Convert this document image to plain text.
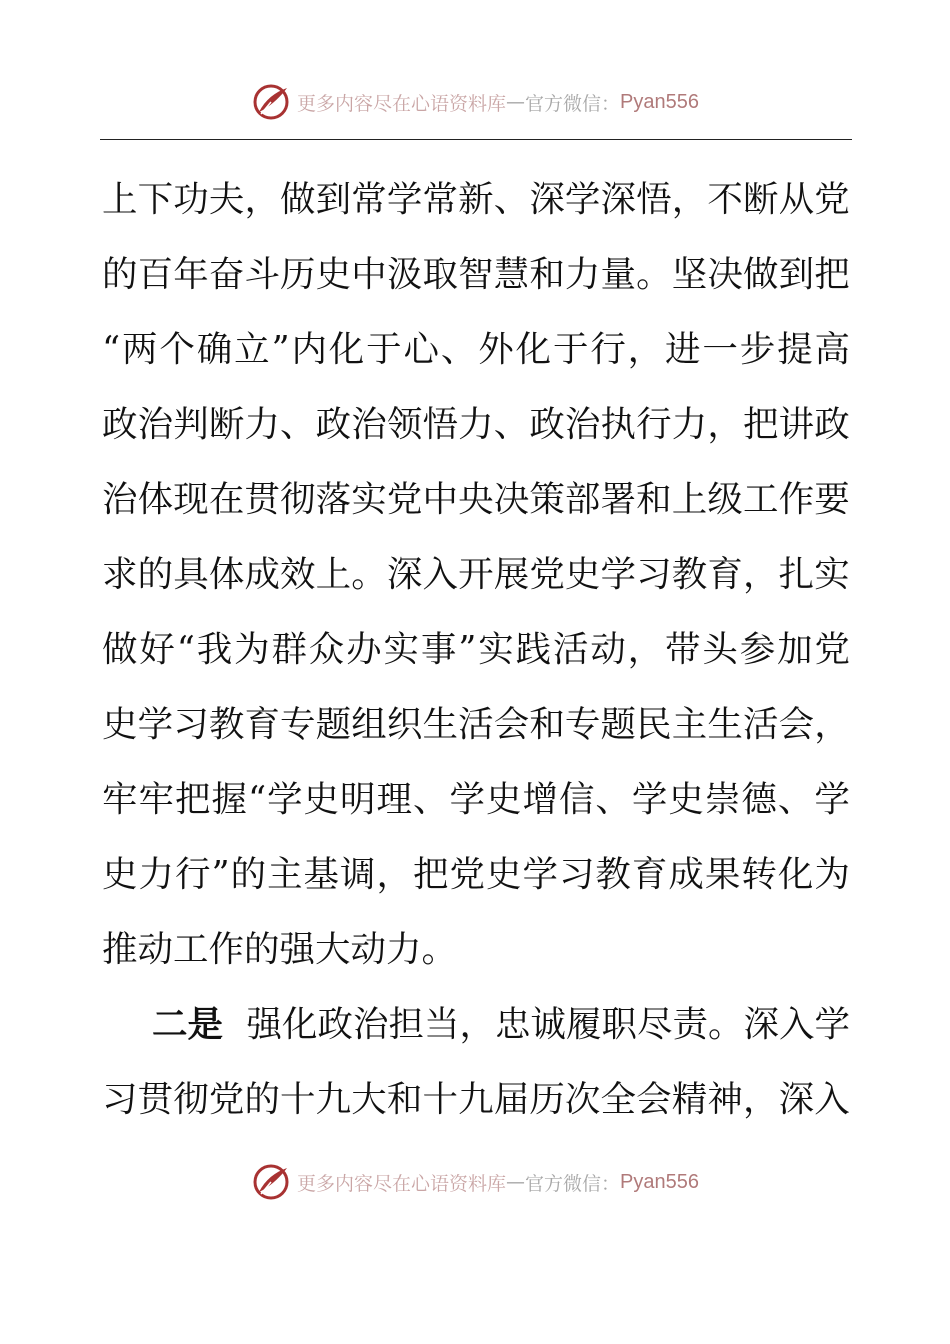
更多内容尽在心语资料库 — 官方微信： Pyan556
上 下 功 夫 ， 做 到 常 学 常 新 、 深 学 深 悟 ， 不 断 从 党
的 百 年 奋 斗 历 史 中 汲 取 智 慧 和 力 量 。 坚 决 做 到 把
“ 两 个 确 立 ” 内 化 于 心 、 外 化 于 行 ， 进 一 步 提 高
政 治 判 断 力 、 政 治 领 悟 力 、 政 治 执 行 力 ， 把 讲 政
治 体 现 在 贯 彻 落 实 党 中 央 决 策 部 署 和 上 级 工 作 要
求 的 具 体 成 效 上 。 深 入 开 展 党 史 学 习 教 育 ， 扎 实
做 好 “ 我 为 群 众 办 实 事 ” 实 践 活 动 ， 带 头 参 加 党
史 学 习 教 育 专 题 组 织 生 活 会 和 专 题 民 主 生 活 会 ，
牢 牢 把 握 “ 学 史 明 理 、 学 史 增 信 、 学 史 崇 德 、 学
史 力 行 ” 的 主 基 调 ， 把 党 史 学 习 教 育 成 果 转 化 为
推动工作的强大动力。
二是 强化政治担当，忠诚履职尽责。深入学
习 贯 彻 党 的 十 九 大 和 十 九 届 历 次 全 会 精 神 ， 深 入
更多内容尽在心语资料库 — 官方微信： Pyan556
